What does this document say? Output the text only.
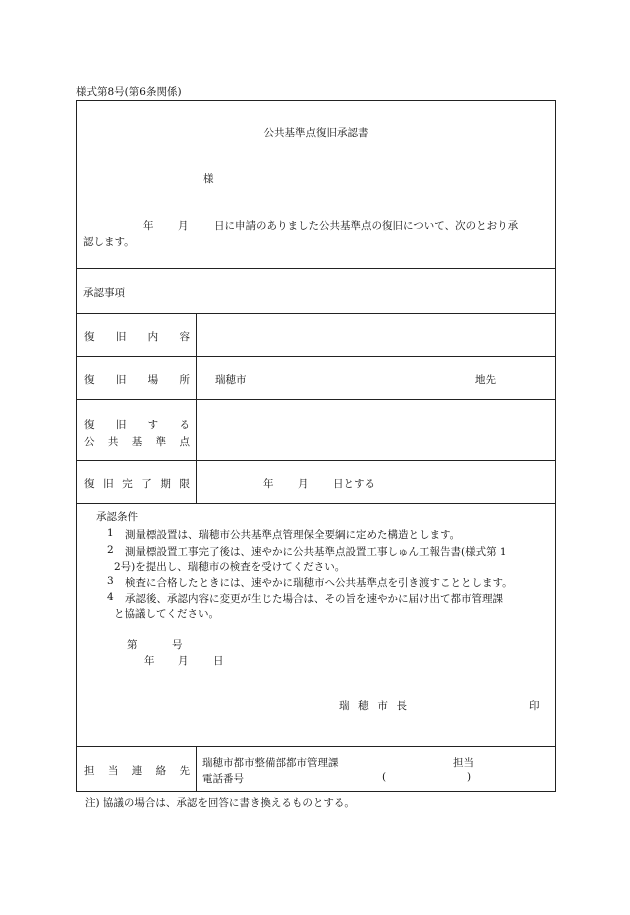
様式第8号(第6条関係)
公共基準点復旧承認書
様
年 月 日に申請のありました公共基準点の復旧について、次のとおり承
認します。
承認事項
復 旧 内 容
復 旧 場 所 瑞穂市	地先
復 旧 す る
公 共 基 準 点
復 旧 完 了 期 限	年 月 日とする
承認条件
1 測量標設置は、瑞穂市公共基準点管理保全要綱に定めた構造とします。
2 測量標設置工事完了後は、速やかに公共基準点設置工事しゅん工報告書(様式第 1
2号)を提出し、瑞穂市の検査を受けてください。
3 検査に合格したときには、速やかに瑞穂市へ公共基準点を引き渡すこととします。
4 承認後、承認内容に変更が生じた場合は、その旨を速やかに届け出て都市管理課
と協議してください。
第	号
年 月 日
瑞 穂 市 長	印
担 当 連 絡 先
瑞穂市都市整備部都市管理課	担当
電話番号	(	)
注) 協議の場合は、承認を回答に書き換えるものとする。
